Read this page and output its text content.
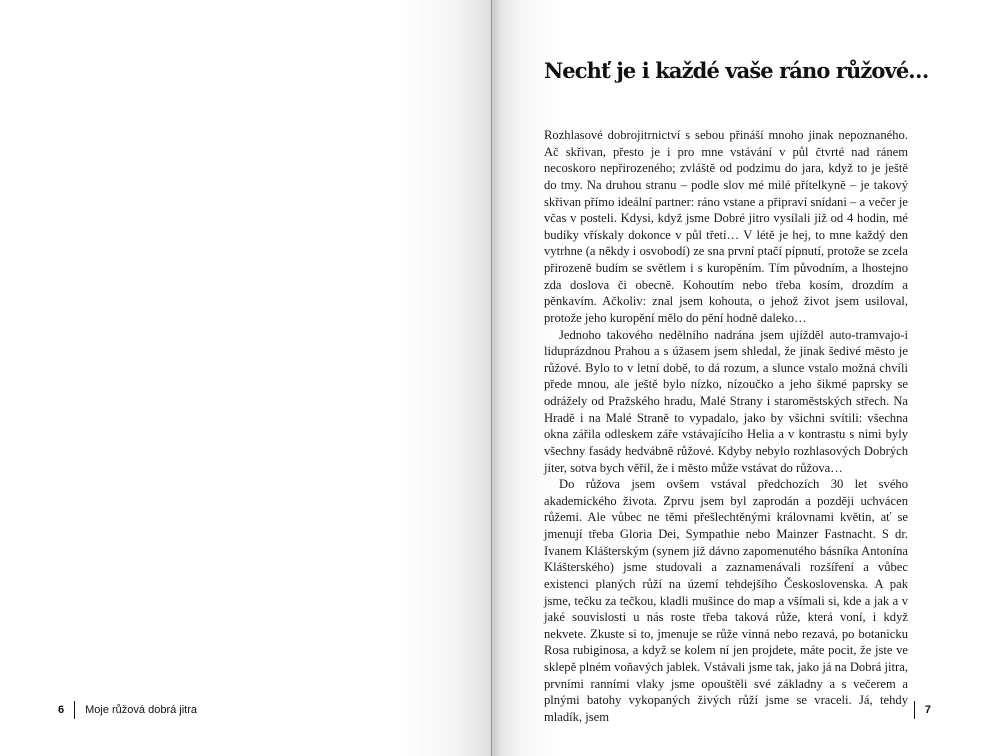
6 Moje růžová dobrá jitra
Nechť je i každé vaše ráno růžové…

Rozhlasové dobrojitrnictví s sebou přináší mnoho jinak nepoznaného. Ač skřivan, přesto je i pro mne vstávání v půl čtvrté nad ránem necoskoro nepřirozeného; zvláště od podzimu do jara, když to je ještě do tmy. Na druhou stranu – podle slov mé milé přítelkyně – je takový skřivan přímo ideální partner: ráno vstane a připraví snídani – a večer je včas v posteli. Kdysi, když jsme Dobré jitro vysílali již od 4 hodin, mé budíky vřískaly dokonce v půl třetí… V létě je hej, to mne každý den vytrhne (a někdy i osvobodí) ze sna první ptačí pípnutí, protože se zcela přirozeně budím se světlem i s kuropěním. Tím původním, a lhostejno zda doslova či obecně. Kohoutím nebo třeba kosím, drozdím a pěnkavím. Ačkoliv: znal jsem kohouta, o jehož život jsem usiloval, protože jeho kuropění mělo do pění hodně daleko…

Jednoho takového nedělního nadrána jsem ujížděl auto-tramvajo-i liduprázdnou Prahou a s úžasem jsem shledal, že jinak šedivé město je růžové. Bylo to v letní době, to dá rozum, a slunce vstalo možná chvíli přede mnou, ale ještě bylo nízko, nízoučko a jeho šikmé paprsky se odrážely od Pražského hradu, Malé Strany i staroměstských střech. Na Hradě i na Malé Straně to vypadalo, jako by všichni svítili: všechna okna zářila odleskem záře vstávajícího Helia a v kontrastu s nimi byly všechny fasády hedvábně růžové. Kdyby nebylo rozhlasových Dobrých jiter, sotva bych věřil, že i město může vstávat do růžova…

Do růžova jsem ovšem vstával předchozích 30 let svého akademického života. Zprvu jsem byl zaprodán a později uchvácen růžemi. Ale vůbec ne těmi přešlechtěnými královnami květin, ať se jmenují třeba Gloria Dei, Sympathie nebo Mainzer Fastnacht. S dr. Ivanem Klášterským (synem již dávno zapomenutého básníka Antonína Klášterského) jsme studovali a zaznamenávali rozšíření a vůbec existenci planých růží na území tehdejšího Československa. A pak jsme, tečku za tečkou, kladli mušince do map a všímali si, kde a jak a v jaké souvislosti u nás roste třeba taková růže, která voní, i když nekvete. Zkuste si to, jmenuje se růže vinná nebo rezavá, po botanicku Rosa rubiginosa, a když se kolem ní jen projdete, máte pocit, že jste ve sklepě plném voňavých jablek. Vstávali jsme tak, jako já na Dobrá jitra, prvními ranními vlaky jsme opouštěli své základny a s večerem a plnými batohy vykopaných živých růží jsme se vraceli. Já, tehdy mladík, jsem	7
